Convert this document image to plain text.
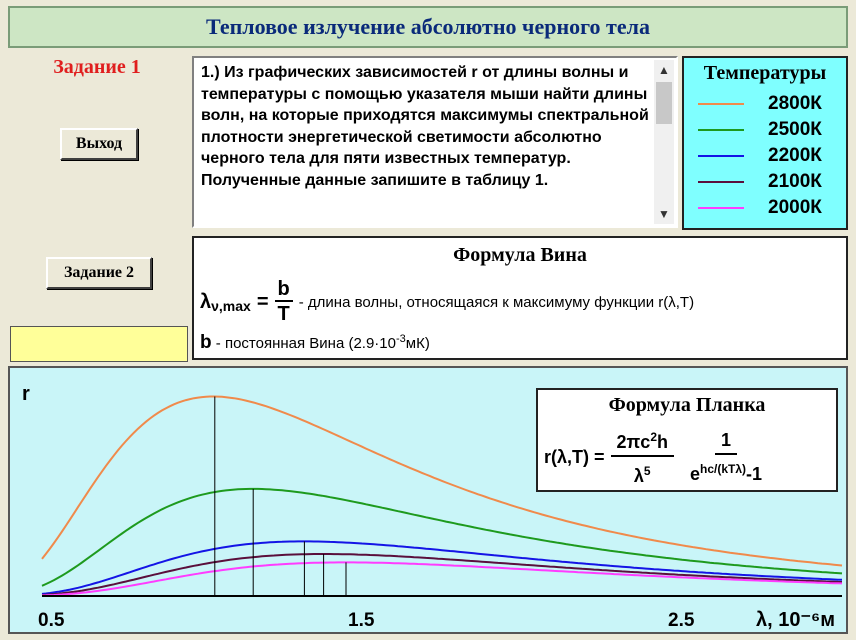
Тепловое излучение абсолютно черного тела
Задание 1
Выход
Задание 2
1.) Из графических зависимостей r от длины волны и температуры с помощью указателя мыши найти длины волн, на которые приходятся максимумы спектральной плотности энергетической светимости абсолютно черного тела для пяти известных температур. Полученные данные запишите в таблицу 1.
▲
▼
Температуры
2800К
2500К
2200К
2100К
2000К
Формула Вина
$\lambda_{\nu,max} = \frac{b}{T}$ - длина волны, относящаяся к максимуму функции r(λ,T)
b - постоянная Вина $(2.9\cdot 10^{-3}мК)$
r
0.5	1.5	2.5	λ, 10⁻⁶м
Формула Планка
$r(\lambda,T) = \frac{2\pi c^2h}{\lambda^5} \frac{1}{e^{hc/(kT\lambda)}-1}$
